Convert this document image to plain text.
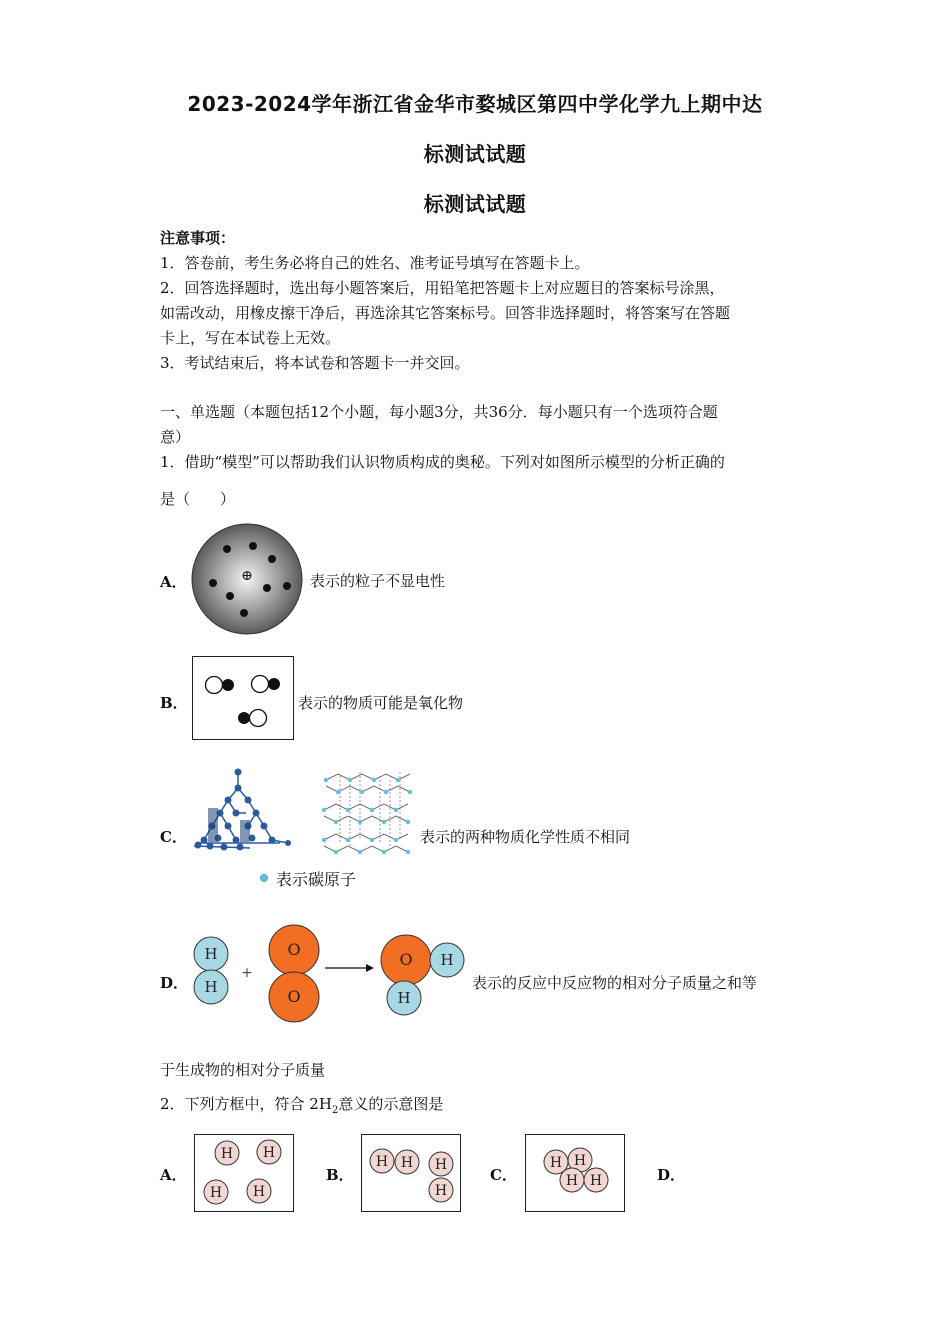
2023-2024学年浙江省金华市婺城区第四中学化学九上期中达
标测试试题
标测试试题
注意事项：
1．答卷前，考生务必将自己的姓名、准考证号填写在答题卡上。
2．回答选择题时，选出每小题答案后，用铅笔把答题卡上对应题目的答案标号涂黑，
如需改动，用橡皮擦干净后，再选涂其它答案标号。回答非选择题时，将答案写在答题
卡上，写在本试卷上无效。
3．考试结束后，将本试卷和答题卡一并交回。
一、单选题（本题包括12个小题，每小题3分，共36分．每小题只有一个选项符合题
意）
1．借助“模型”可以帮助我们认识物质构成的奥秘。下列对如图所示模型的分析正确的
是（　　）
A．	⊕	表示的粒子不显电性
B．	表示的物质可能是氧化物
C．	表示的两种物质化学性质不相同
表示碳原子
D．
H
H
+
O
O
O H
H
表示的反应中反应物的相对分子质量之和等
于生成物的相对分子质量
2．下列方框中，符合 $2H_2$意义的示意图是
A．
H H
H H
B．
H H H
H
C．
H H
H H	D．
